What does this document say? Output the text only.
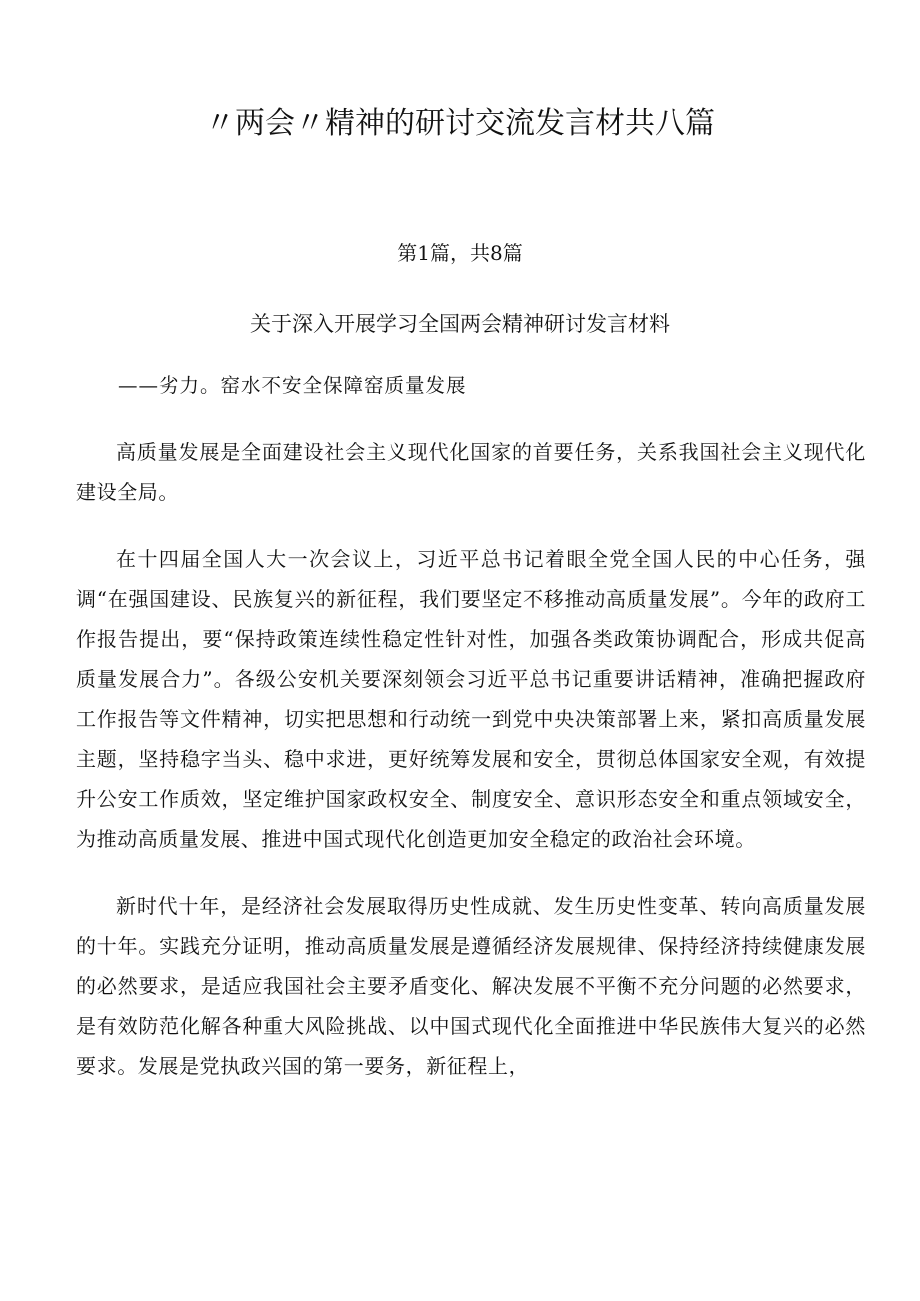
〃两会〃精神的研讨交流发言材共八篇
第1篇，共8篇
关于深入开展学习全国两会精神研讨发言材料
——劣力。窑水不安全保障窑质量发展

高质量发展是全面建设社会主义现代化国家的首要任务，关系我国社会主义现代化建设全局。

在十四届全国人大一次会议上，习近平总书记着眼全党全国人民的中心任务，强调“在强国建设、民族复兴的新征程，我们要坚定不移推动高质量发展”。今年的政府工作报告提出，要“保持政策连续性稳定性针对性，加强各类政策协调配合，形成共促高质量发展合力”。各级公安机关要深刻领会习近平总书记重要讲话精神，准确把握政府工作报告等文件精神，切实把思想和行动统一到党中央决策部署上来，紧扣高质量发展主题，坚持稳字当头、稳中求进，更好统筹发展和安全，贯彻总体国家安全观，有效提升公安工作质效，坚定维护国家政权安全、制度安全、意识形态安全和重点领域安全，为推动高质量发展、推进中国式现代化创造更加安全稳定的政治社会环境。

新时代十年，是经济社会发展取得历史性成就、发生历史性变革、转向高质量发展的十年。实践充分证明，推动高质量发展是遵循经济发展规律、保持经济持续健康发展的必然要求，是适应我国社会主要矛盾变化、解决发展不平衡不充分问题的必然要求，是有效防范化解各种重大风险挑战、以中国式现代化全面推进中华民族伟大复兴的必然要求。发展是党执政兴国的第一要务，新征程上，
